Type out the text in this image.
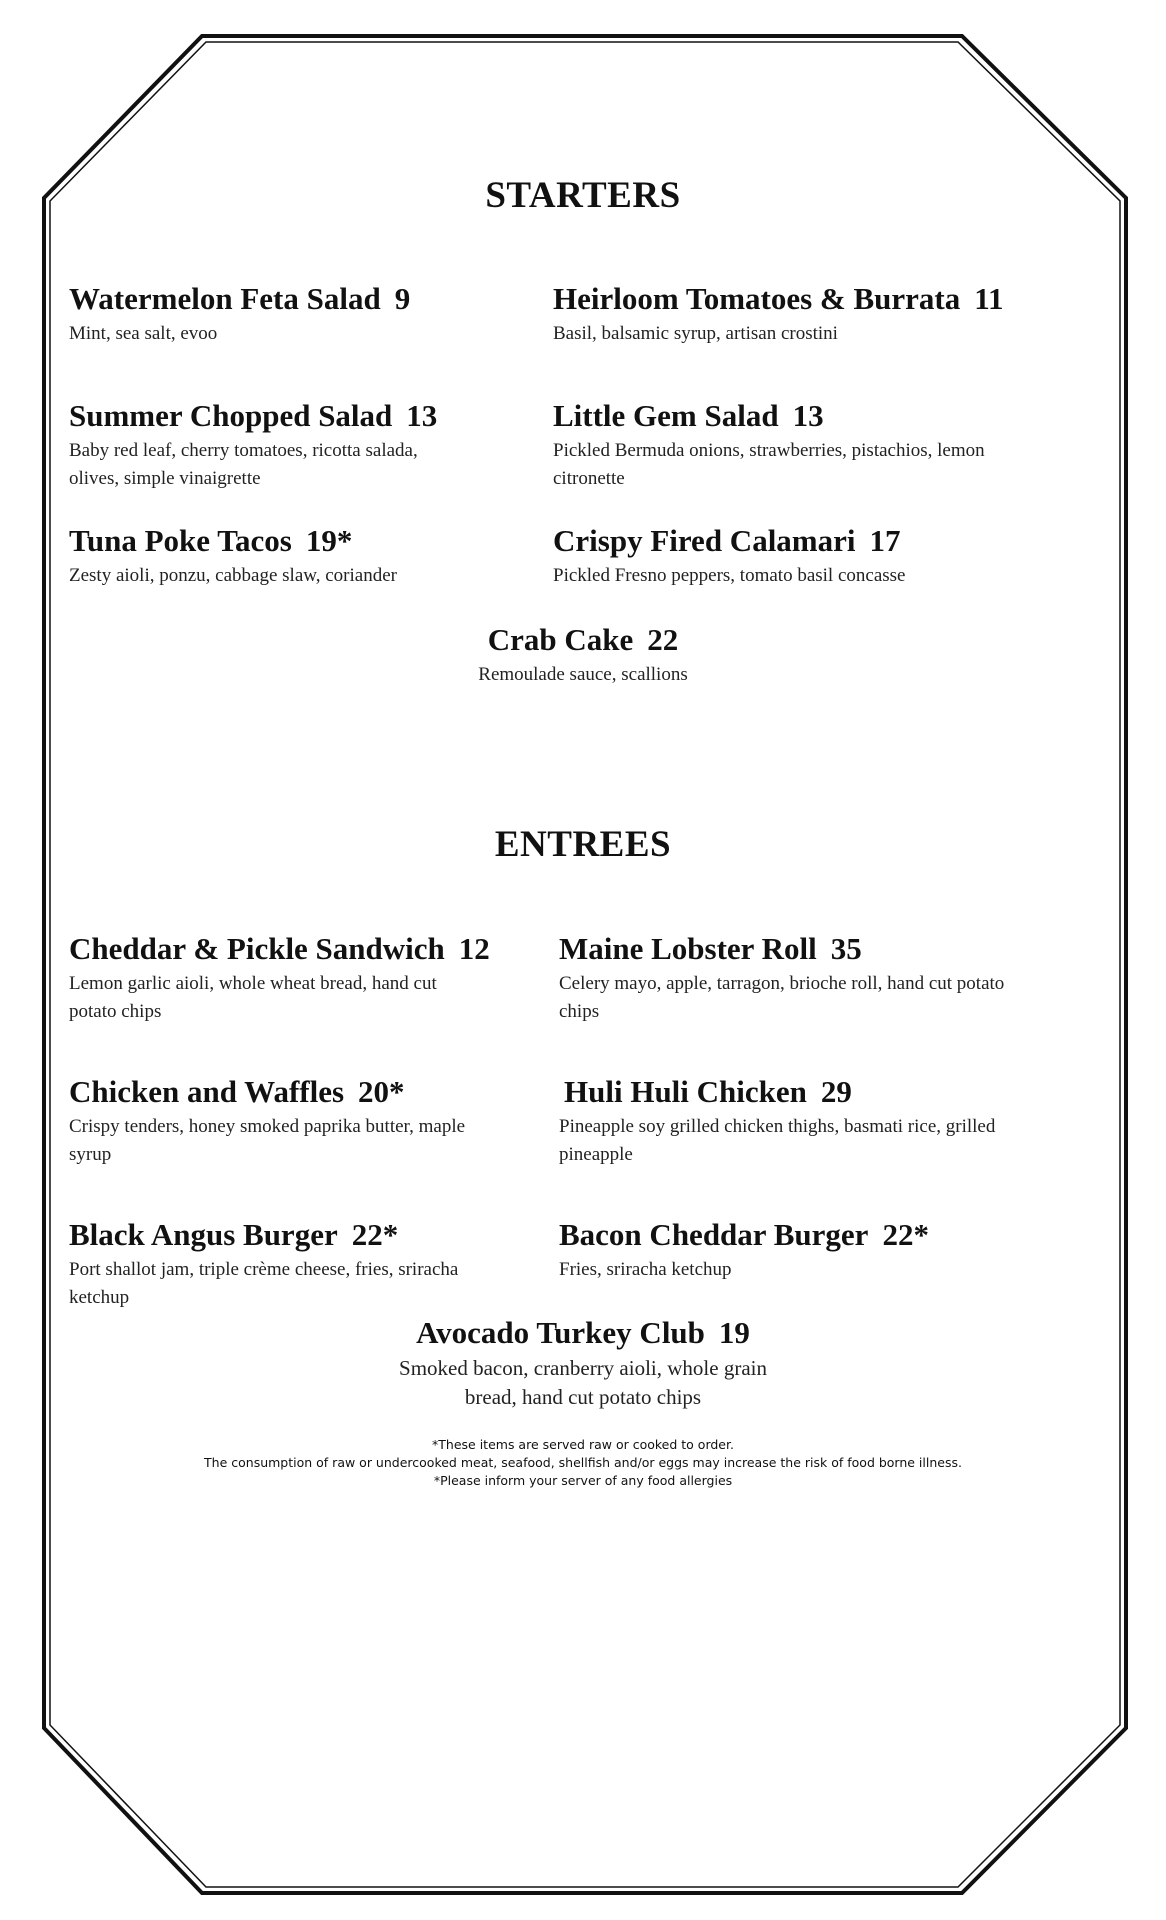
STARTERS
Watermelon Feta Salad 9
Mint, sea salt, evoo
Heirloom Tomatoes & Burrata 11
Basil, balsamic syrup, artisan crostini
Summer Chopped Salad 13
Baby red leaf, cherry tomatoes, ricotta salada, olives, simple vinaigrette
Little Gem Salad 13
Pickled Bermuda onions, strawberries, pistachios, lemon citronette
Tuna Poke Tacos 19*
Zesty aioli, ponzu, cabbage slaw, coriander
Crispy Fired Calamari 17
Pickled Fresno peppers, tomato basil concasse
Crab Cake 22
Remoulade sauce, scallions
ENTREES
Cheddar & Pickle Sandwich 12
Lemon garlic aioli, whole wheat bread, hand cut potato chips
Maine Lobster Roll 35
Celery mayo, apple, tarragon, brioche roll, hand cut potato chips
Chicken and Waffles 20*
Crispy tenders, honey smoked paprika butter, maple syrup
Huli Huli Chicken 29
Pineapple soy grilled chicken thighs, basmati rice, grilled pineapple
Black Angus Burger 22*
Port shallot jam, triple crème cheese, fries, sriracha ketchup
Bacon Cheddar Burger 22*
Fries, sriracha ketchup
Avocado Turkey Club 19
Smoked bacon, cranberry aioli, whole grain bread, hand cut potato chips
*These items are served raw or cooked to order.
The consumption of raw or undercooked meat, seafood, shellfish and/or eggs may increase the risk of food borne illness.
*Please inform your server of any food allergies
